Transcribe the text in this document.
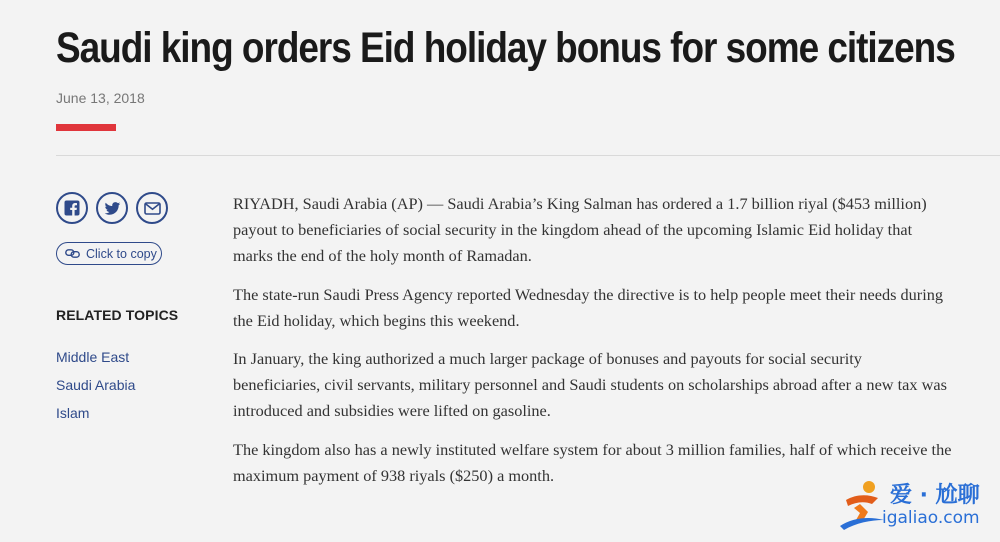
Saudi king orders Eid holiday bonus for some citizens
June 13, 2018
Click to copy
RELATED TOPICS
Middle East
Saudi Arabia
Islam

RIYADH, Saudi Arabia (AP) — Saudi Arabia’s King Salman has ordered a 1.7 billion riyal ($453 million) payout to beneficiaries of social security in the kingdom ahead of the upcoming Islamic Eid holiday that marks the end of the holy month of Ramadan.

The state-run Saudi Press Agency reported Wednesday the directive is to help people meet their needs during the Eid holiday, which begins this weekend.

In January, the king authorized a much larger package of bonuses and payouts for social security beneficiaries, civil servants, military personnel and Saudi students on scholarships abroad after a new tax was introduced and subsidies were lifted on gasoline.

The kingdom also has a newly instituted welfare system for about 3 million families, half of which receive the maximum payment of 938 riyals ($250) a month.

爱 · 尬聊
igaliao.com
